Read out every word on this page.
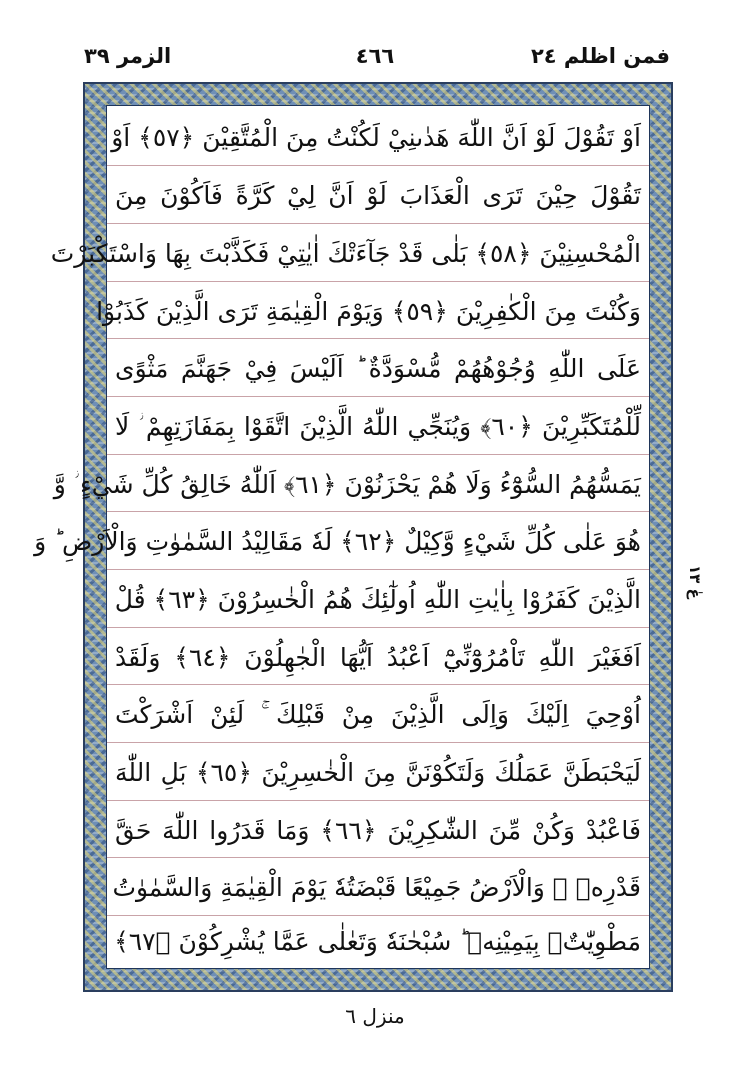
فمن اظلم ٢٤
٤٦٦
الزمر ٣٩
اَوْ تَقُوْلَ لَوْ اَنَّ اللّٰهَ هَدٰىنِيْ لَكُنْتُ مِنَ الْمُتَّقِيْنَ ﴿٥٧﴾ اَوْ
تَقُوْلَ حِيْنَ تَرَى الْعَذَابَ لَوْ اَنَّ لِيْ كَرَّةً فَاَكُوْنَ مِنَ
الْمُحْسِنِيْنَ ﴿٥٨﴾ بَلٰى قَدْ جَآءَتْكَ اٰيٰتِيْ فَكَذَّبْتَ بِهَا وَاسْتَكْبَرْتَ
وَكُنْتَ مِنَ الْكٰفِرِيْنَ ﴿٥٩﴾ وَيَوْمَ الْقِيٰمَةِ تَرَى الَّذِيْنَ كَذَبُوْا
عَلَى اللّٰهِ وُجُوْهُهُمْ مُّسْوَدَّةٌ ؕ اَلَيْسَ فِيْ جَهَنَّمَ مَثْوًى
لِّلْمُتَكَبِّرِيْنَ ﴿٦٠﴾ وَيُنَجِّي اللّٰهُ الَّذِيْنَ اتَّقَوْا بِمَفَازَتِهِمْ ؗ لَا
يَمَسُّهُمُ السُّوْٓءُ وَلَا هُمْ يَحْزَنُوْنَ ﴿٦١﴾ اَللّٰهُ خَالِقُ كُلِّ شَيْءٍ ؗ وَّ
هُوَ عَلٰى كُلِّ شَيْءٍ وَّكِيْلٌ ﴿٦٢﴾ لَهٗ مَقَالِيْدُ السَّمٰوٰتِ وَالْاَرْضِ ؕ وَ
الَّذِيْنَ كَفَرُوْا بِاٰيٰتِ اللّٰهِ اُولٰٓئِكَ هُمُ الْخٰسِرُوْنَ ﴿٦٣﴾ قُلْ
اَفَغَيْرَ اللّٰهِ تَاْمُرُوْٓنِّيْٓ اَعْبُدُ اَيُّهَا الْجٰهِلُوْنَ ﴿٦٤﴾ وَلَقَدْ
اُوْحِيَ اِلَيْكَ وَاِلَى الَّذِيْنَ مِنْ قَبْلِكَ ۚ لَئِنْ اَشْرَكْتَ
لَيَحْبَطَنَّ عَمَلُكَ وَلَتَكُوْنَنَّ مِنَ الْخٰسِرِيْنَ ﴿٦٥﴾ بَلِ اللّٰهَ
فَاعْبُدْ وَكُنْ مِّنَ الشّٰكِرِيْنَ ﴿٦٦﴾ وَمَا قَدَرُوا اللّٰهَ حَقَّ
قَدْرِهٖ ۖ وَالْاَرْضُ جَمِيْعًا قَبْضَتُهٗ يَوْمَ الْقِيٰمَةِ وَالسَّمٰوٰتُ
مَطْوِيّٰتٌۢ بِيَمِيْنِهٖ ؕ سُبْحٰنَهٗ وَتَعٰلٰى عَمَّا يُشْرِكُوْنَ ﴿٦٧﴾
عٰ ١٣
منزل ٦
